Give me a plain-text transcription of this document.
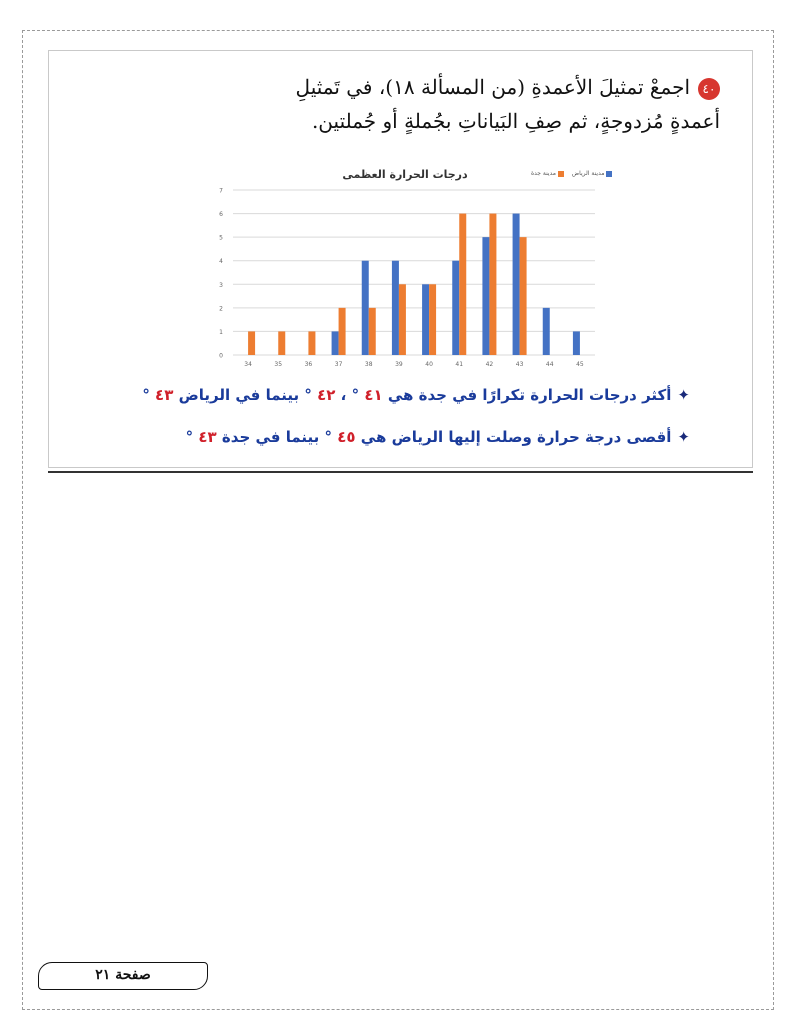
٤٠اجمعْ تمثيلَ الأعمدةِ (من المسألة ١٨)، في تَمثيلِ
أعمدةٍ مُزدوجةٍ، ثم صِفِ البَياناتِ بجُملةٍ أو جُملتين.
درجات الحرارة العظمى	مدينة الرياض مدينة جدة
0
1
2
3
4
5
6
7
34	35	36	37	38	39	40	41	42	43	44	45
✦أكثر درجات الحرارة تكرارًا في جدة هي ٤١ ° ، ٤٢ ° بينما في الرياض ٤٣ °
✦أقصى درجة حرارة وصلت إليها الرياض هي ٤٥ ° بينما في جدة ٤٣ °
صفحة ٢١
